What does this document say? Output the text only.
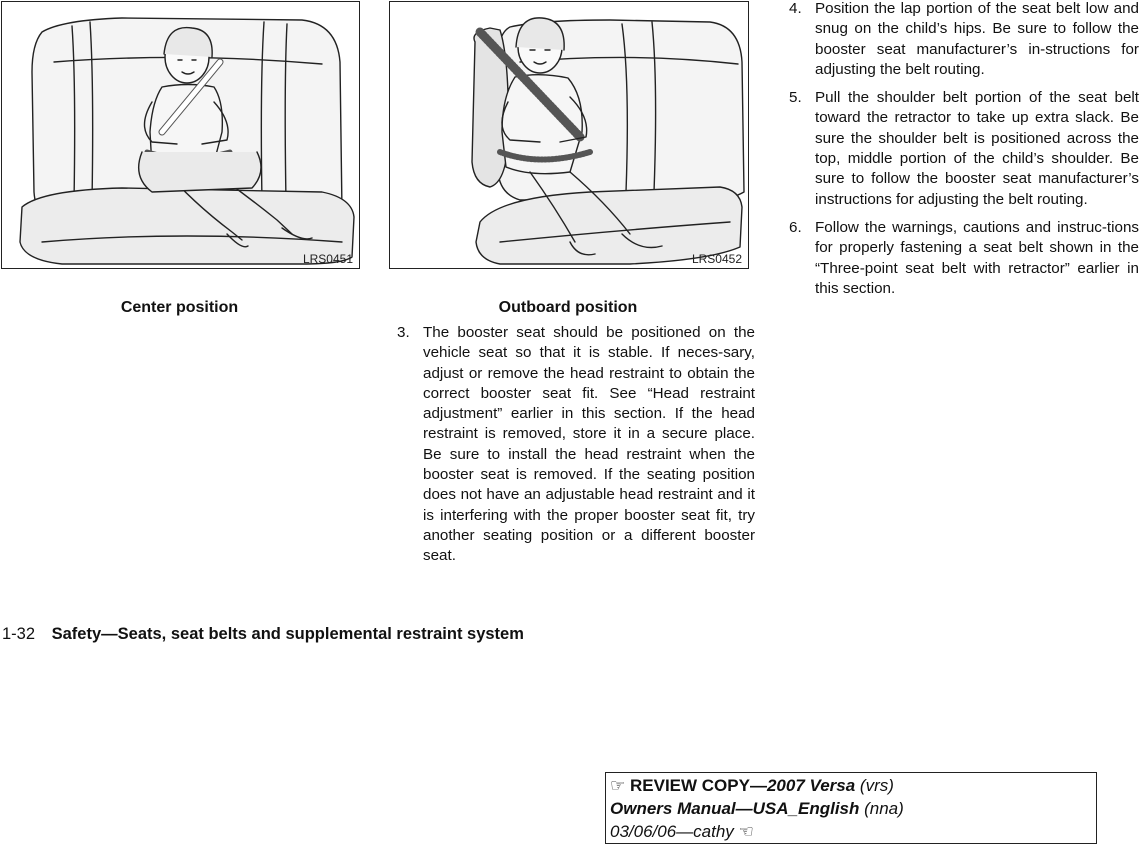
LRS0451
Center position
LRS0452
Outboard position
3. The booster seat should be positioned on the vehicle seat so that it is stable. If neces-sary, adjust or remove the head restraint to obtain the correct booster seat fit. See “Head restraint adjustment” earlier in this section. If the head restraint is removed, store it in a secure place. Be sure to install the head restraint when the booster seat is removed. If the seating position does not have an adjustable head restraint and it is interfering with the proper booster seat fit, try another seating position or a different booster seat.
4. Position the lap portion of the seat belt low and snug on the child’s hips. Be sure to follow the booster seat manufacturer’s in-structions for adjusting the belt routing.
5. Pull the shoulder belt portion of the seat belt toward the retractor to take up extra slack. Be sure the shoulder belt is positioned across the top, middle portion of the child’s shoulder. Be sure to follow the booster seat manufacturer’s instructions for adjusting the belt routing.
6. Follow the warnings, cautions and instruc-tions for properly fastening a seat belt shown in the “Three-point seat belt with retractor” earlier in this section.
1-32 Safety—Seats, seat belts and supplemental restraint system
☞ REVIEW COPY—2007 Versa (vrs)
Owners Manual—USA_English (nna)
03/06/06—cathy ☜
